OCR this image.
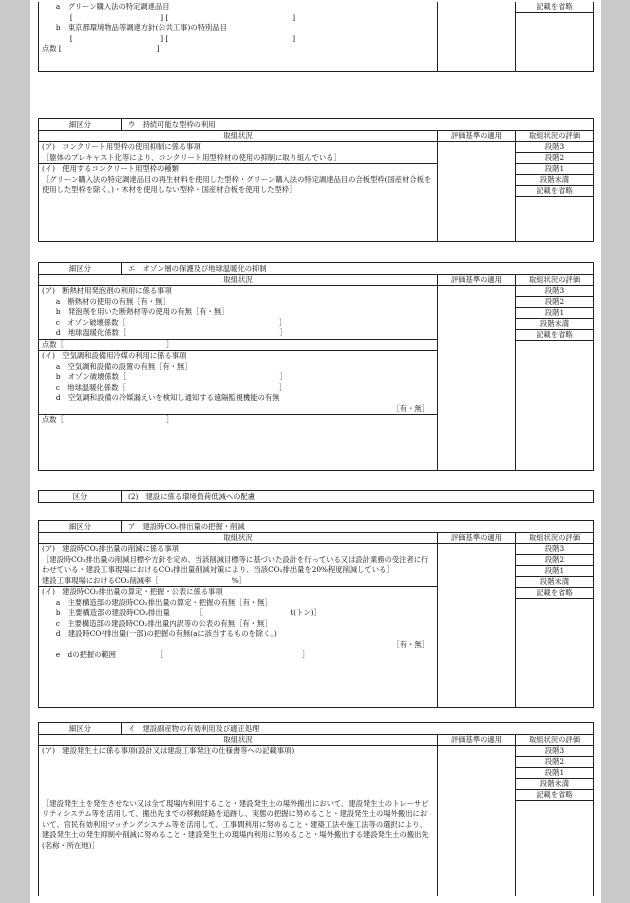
a　グリーン購入法の特定調達品目
[　　　　　　　　　　　　] [　　　　　　　　　　　　　　　　　]
b　東京都環境物品等調達方針(公共工事)の特別品目
[　　　　　　　　　　　　] [　　　　　　　　　　　　　　　　　]
点数 [　　　　　　　　　　　　　]
記載を省略
細区分	ウ　持続可能な型枠の利用
取組状況	評価基準の適用	取組状況の評価
(ア)　コンクリート用型枠の使用抑制に係る事項
［躯体のプレキャスト化等により、コンクリート用型枠材の使用の抑制に取り組んでいる］
(イ)　使用するコンクリート用型枠の種類
［グリーン購入法の特定調達品目の再生材料を使用した型枠・グリーン購入法の特定調達品目の合板型枠(国産材合板を使用した型枠を除く。)・木材を使用しない型枠・国産材合板を使用した型枠］
段階3
段階2
段階1
段階未満
記載を省略
細区分	エ　オゾン層の保護及び地球温暖化の抑制
取組状況	評価基準の適用	取組状況の評価
(ア)　断熱材用発泡剤の利用に係る事項
a　断熱材の使用の有無［有・無］
b　発泡剤を用いた断熱材等の使用の有無［有・無］
c　オゾン破壊係数［　　　　　　　　　　　　　　　　　　　　　］
d　地球温暖化係数［　　　　　　　　　　　　　　　　　　　　　］
点数［　　　　　　　　　　　　　　］
(イ)　空気調和設備用冷媒の利用に係る事項
a　空気調和設備の設置の有無［有・無］
b　オゾン破壊係数［　　　　　　　　　　　　　　　　　　　　　］
c　地球温暖化係数［　　　　　　　　　　　　　　　　　　　　　］
d　空気調和設備の冷媒漏えいを検知し通知する遠隔監視機能の有無
［有・無］
点数［　　　　　　　　　　　　　　］
段階3
段階2
段階1
段階未満
記載を省略
区分	(2)　建設に係る環境負荷低減への配慮
細区分	ア　建設時CO₂排出量の把握・削減
取組状況	評価基準の適用	取組状況の評価
(ア)　建設時CO₂排出量の削減に係る事項
［建設時CO₂排出量の削減目標や方針を定め、当該削減目標等に基づいた設計を行っている又は設計業務の受注者に行わせている・建設工事現場におけるCO₂排出量削減対策により、当該CO₂排出量を20%程度削減している］
建設工事現場におけるCO₂削減率［　　　　　　　　　　%］
(イ)　建設時CO₂排出量の算定・把握・公表に係る事項
a　主要構造部の建設時CO₂排出量の算定・把握の有無［有・無］
b　主要構造部の建設時CO₂排出量　　　　［　　　　　　　　　　　　t(トン)］
c　主要構造部の建設時CO₂排出量内訳等の公表の有無［有・無］
d　建設時CO²排出量(一部)の把握の有無(aに該当するものを除く。)
［有・無］
e　dの把握の範囲　　　　　　［　　　　　　　　　　　　　　　　　　　］
段階3
段階2
段階1
段階未満
記載を省略
細区分	イ　建設副産物の有効利用及び適正処理
取組状況	評価基準の適用	取組状況の評価
(ア)　建設発生土に係る事項(設計又は建設工事発注の仕様書等への記載事項)
［建設発生土を発生させない又は全て現場内利用すること・建設発生土の場外搬出において、建設発生土のトレーサビリティシステム等を活用して、搬出先までの移動経路を追跡し、実態の把握に努めること・建設発生土の場外搬出において、官民有効利用マッチングシステム等を活用して、工事間利用に努めること・建築工法や施工法等の選択により、建設発生土の発生抑制や削減に努めること・建設発生土の現場内利用に努めること・場外搬出する建設発生土の搬出先(名称・所在地)］
段階3
段階2
段階1
段階未満
記載を省略
